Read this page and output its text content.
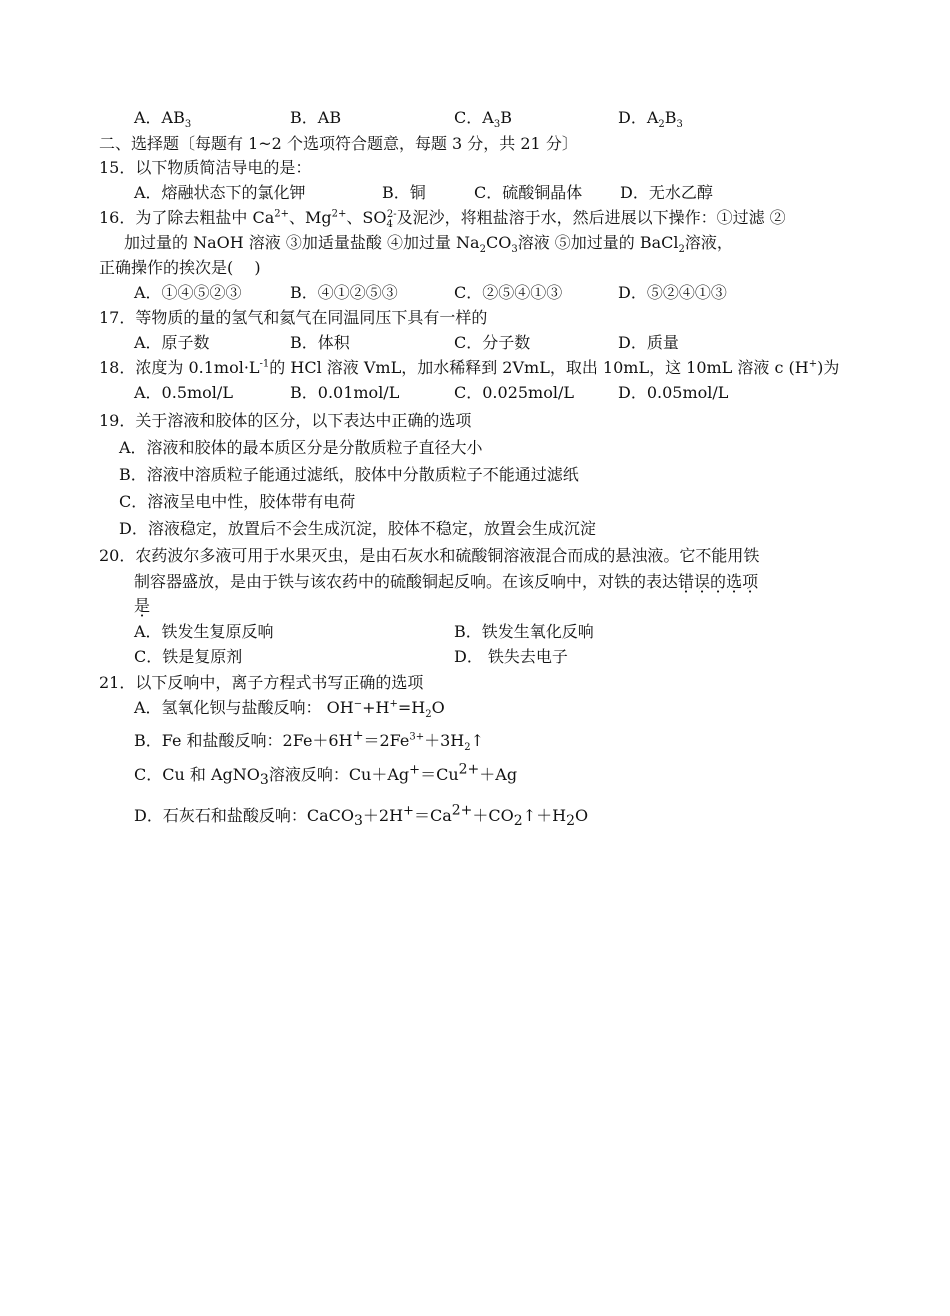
A．$AB_3$	B．AB	C．$A_3B$	D．$A_2B_3$
二、选择题〔每题有 1~2 个选项符合题意，每题 3 分，共 21 分〕
15．以下物质简洁导电的是：
A．熔融状态下的氯化钾	B．铜	C．硫酸铜晶体 D．无水乙醇
16．为了除去粗盐中 $Ca^{2+}$、$Mg^{2+}$、$SO_4^{2-}$及泥沙，将粗盐溶于水，然后进展以下操作：①过滤 ②
加过量的 NaOH 溶液 ③加适量盐酸 ④加过量 $Na_2CO_3$溶液 ⑤加过量的 BaCl$_2$溶液，
正确操作的挨次是(　 )
A．①④⑤②③	B．④①②⑤③	C．②⑤④①③	D．⑤②④①③
17．等物质的量的氢气和氦气在同温同压下具有一样的
A．原子数	B．体积	C．分子数	D．质量
18．浓度为 $0.1mol\cdot L^{-1}$的 HCl 溶液 VmL，加水稀释到 2VmL，取出 10mL，这 10mL 溶液 c (H+)为
A．0.5mol/L	B．0.01mol/L	C．0.025mol/L	D．0.05mol/L
19．关于溶液和胶体的区分，以下表达中正确的选项
A．溶液和胶体的最本质区分是分散质粒子直径大小
B．溶液中溶质粒子能通过滤纸，胶体中分散质粒子不能通过滤纸
C．溶液呈电中性，胶体带有电荷
D．溶液稳定，放置后不会生成沉淀，胶体不稳定，放置会生成沉淀
20．农药波尔多液可用于水果灭虫，是由石灰水和硫酸铜溶液混合而成的悬浊液。它不能用铁
制容器盛放，是由于铁与该农药中的硫酸铜起反响。在该反响中，对铁的表达错误的选项
是
A．铁发生复原反响	B．铁发生氧化反响
C．铁是复原剂	D． 铁失去电子
21．以下反响中，离子方程式书写正确的选项
A．氢氧化钡与盐酸反响： $OH^-+H^+=H_2O$
B．Fe 和盐酸反响：$2Fe+6H^+=2Fe^{3+}+3H_2↑$
C．Cu 和 AgNO$_3$溶液反响：$Cu+Ag^+=Cu^{2+}+Ag$
D．石灰石和盐酸反响：$CaCO_3+2H^+=Ca^{2+}+CO_2↑+H_2O$
